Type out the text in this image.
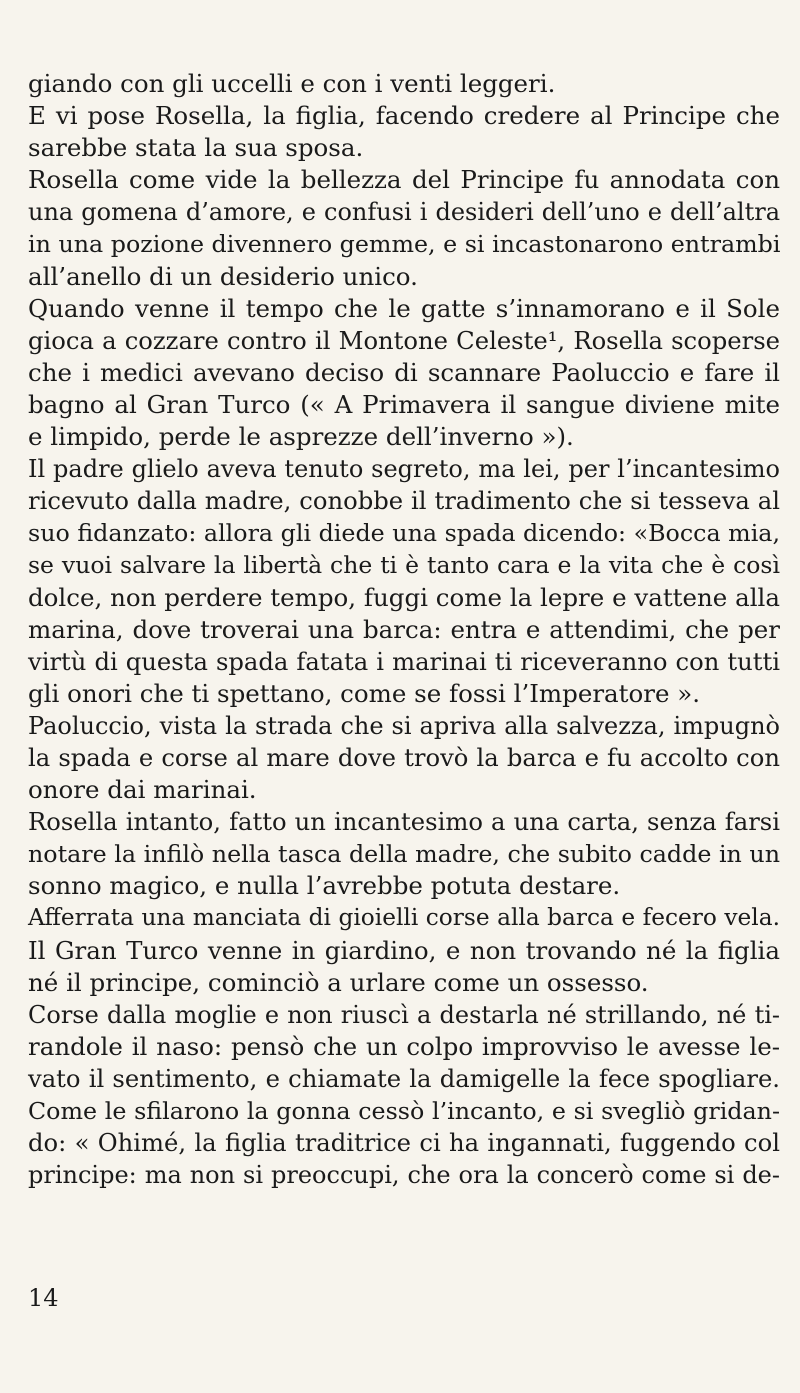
giando con gli uccelli e con i venti leggeri.
E vi pose Rosella, la figlia, facendo credere al Principe che
sarebbe stata la sua sposa.
Rosella come vide la bellezza del Principe fu annodata con
una gomena d’amore, e confusi i desideri dell’uno e dell’altra
in una pozione divennero gemme, e si incastonarono entrambi
all’anello di un desiderio unico.
Quando venne il tempo che le gatte s’innamorano e il Sole
gioca a cozzare contro il Montone Celeste¹, Rosella scoperse
che i medici avevano deciso di scannare Paoluccio e fare il
bagno al Gran Turco (« A Primavera il sangue diviene mite
e limpido, perde le asprezze dell’inverno »).
Il padre glielo aveva tenuto segreto, ma lei, per l’incantesimo
ricevuto dalla madre, conobbe il tradimento che si tesseva al
suo fidanzato: allora gli diede una spada dicendo: «Bocca mia,
se vuoi salvare la libertà che ti è tanto cara e la vita che è così
dolce, non perdere tempo, fuggi come la lepre e vattene alla
marina, dove troverai una barca: entra e attendimi, che per
virtù di questa spada fatata i marinai ti riceveranno con tutti
gli onori che ti spettano, come se fossi l’Imperatore ».
Paoluccio, vista la strada che si apriva alla salvezza, impugnò
la spada e corse al mare dove trovò la barca e fu accolto con
onore dai marinai.
Rosella intanto, fatto un incantesimo a una carta, senza farsi
notare la infilò nella tasca della madre, che subito cadde in un
sonno magico, e nulla l’avrebbe potuta destare.
Afferrata una manciata di gioielli corse alla barca e fecero vela.
Il Gran Turco venne in giardino, e non trovando né la figlia
né il principe, cominciò a urlare come un ossesso.
Corse dalla moglie e non riuscì a destarla né strillando, né ti-
randole il naso: pensò che un colpo improvviso le avesse le-
vato il sentimento, e chiamate la damigelle la fece spogliare.
Come le sfilarono la gonna cessò l’incanto, e si svegliò gridan-
do: « Ohimé, la figlia traditrice ci ha ingannati, fuggendo col
principe: ma non si preoccupi, che ora la concerò come si de-
14
